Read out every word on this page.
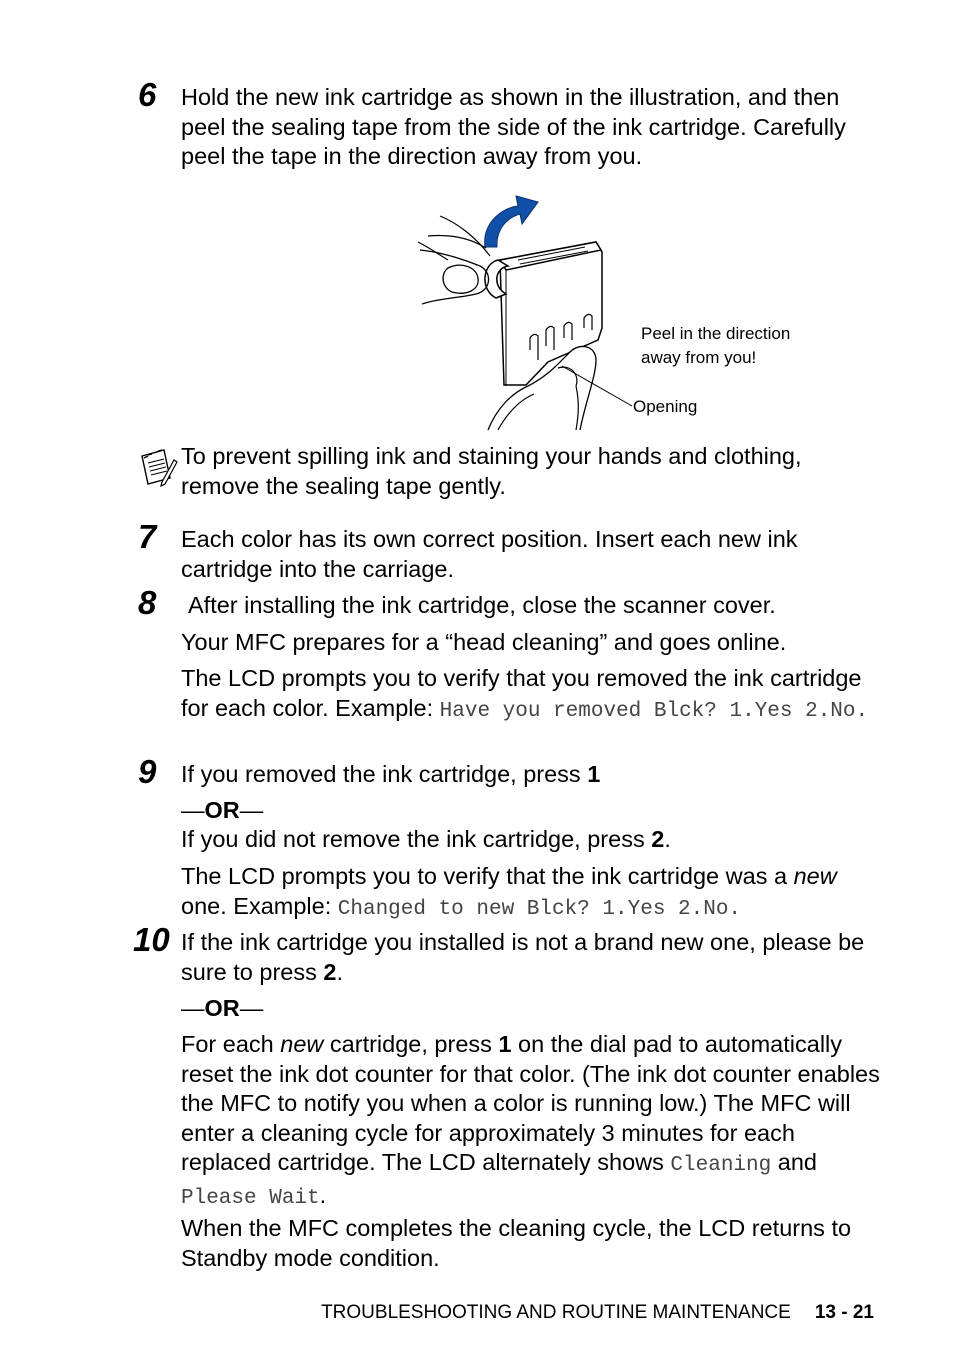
6 Hold the new ink cartridge as shown in the illustration, and then peel the sealing tape from the side of the ink cartridge. Carefully peel the tape in the direction away from you.

Peel in the direction away from you!
Opening

To prevent spilling ink and staining your hands and clothing, remove the sealing tape gently.

7 Each color has its own correct position. Insert each new ink cartridge into the carriage.

8 After installing the ink cartridge, close the scanner cover.

Your MFC prepares for a “head cleaning” and goes online.

The LCD prompts you to verify that you removed the ink cartridge for each color. Example: Have you removed Blck? 1.Yes 2.No.

9 If you removed the ink cartridge, press 1

—OR—

If you did not remove the ink cartridge, press 2.

The LCD prompts you to verify that the ink cartridge was a new one. Example: Changed to new Blck? 1.Yes 2.No.

10 If the ink cartridge you installed is not a brand new one, please be sure to press 2.

—OR—

For each new cartridge, press 1 on the dial pad to automatically reset the ink dot counter for that color. (The ink dot counter enables the MFC to notify you when a color is running low.) The MFC will enter a cleaning cycle for approximately 3 minutes for each replaced cartridge. The LCD alternately shows Cleaning and Please Wait.

When the MFC completes the cleaning cycle, the LCD returns to Standby mode condition.

TROUBLESHOOTING AND ROUTINE MAINTENANCE 13 - 21
